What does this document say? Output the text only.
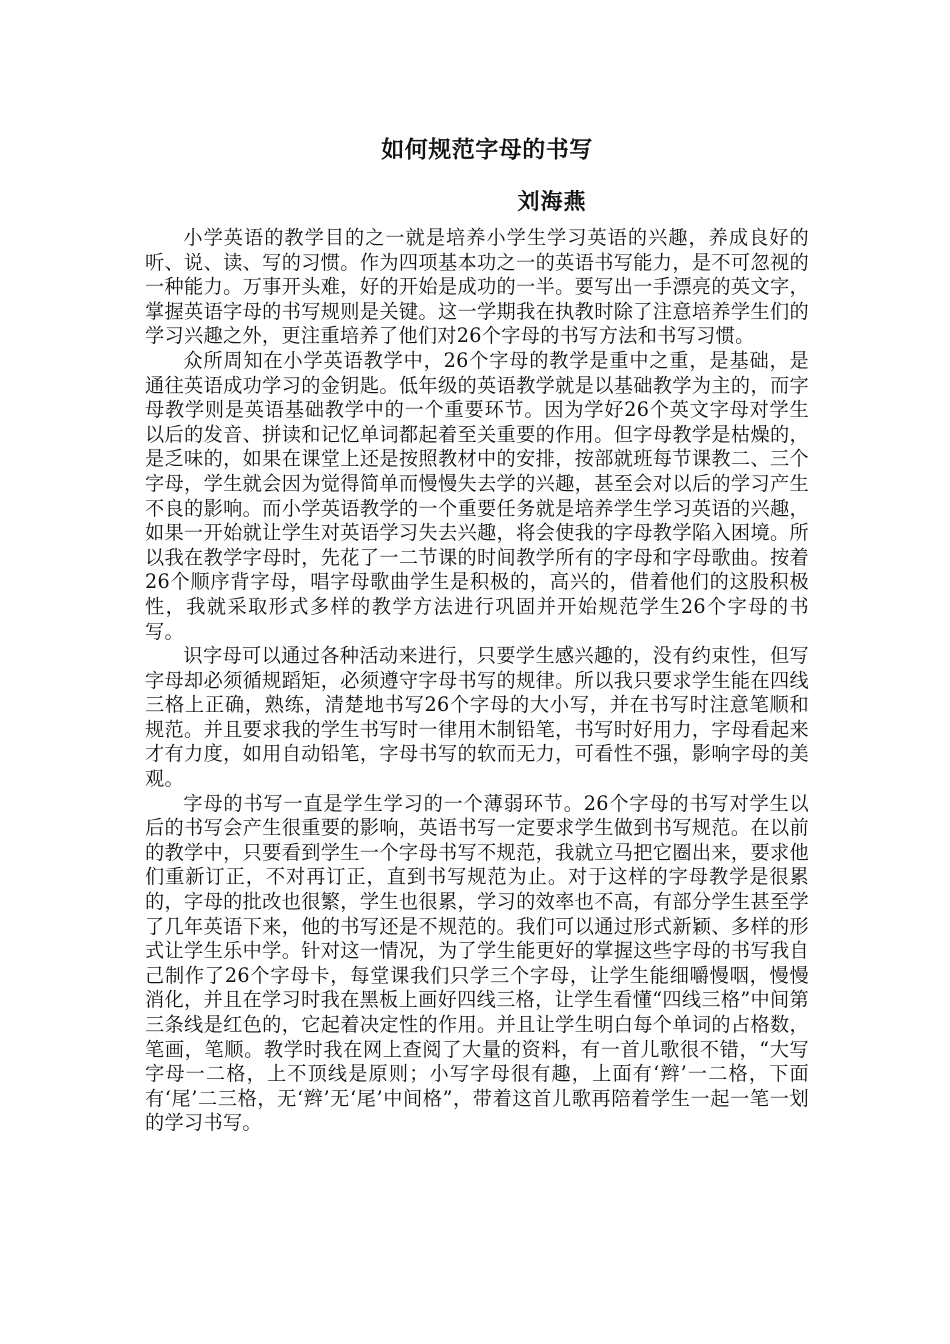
如何规范字母的书写
刘海燕

小学英语的教学目的之一就是培养小学生学习英语的兴趣，养成良好的听、说、读、写的习惯。作为四项基本功之一的英语书写能力，是不可忽视的一种能力。万事开头难，好的开始是成功的一半。要写出一手漂亮的英文字，掌握英语字母的书写规则是关键。这一学期我在执教时除了注意培养学生们的学习兴趣之外，更注重培养了他们对26个字母的书写方法和书写习惯。

众所周知在小学英语教学中，26个字母的教学是重中之重，是基础，是通往英语成功学习的金钥匙。低年级的英语教学就是以基础教学为主的，而字母教学则是英语基础教学中的一个重要环节。因为学好26个英文字母对学生以后的发音、拼读和记忆单词都起着至关重要的作用。但字母教学是枯燥的，是乏味的，如果在课堂上还是按照教材中的安排，按部就班每节课教二、三个字母，学生就会因为觉得简单而慢慢失去学的兴趣，甚至会对以后的学习产生不良的影响。而小学英语教学的一个重要任务就是培养学生学习英语的兴趣，如果一开始就让学生对英语学习失去兴趣，将会使我的字母教学陷入困境。所以我在教学字母时，先花了一二节课的时间教学所有的字母和字母歌曲。按着26个顺序背字母，唱字母歌曲学生是积极的，高兴的，借着他们的这股积极性，我就采取形式多样的教学方法进行巩固并开始规范学生26个字母的书写。

识字母可以通过各种活动来进行，只要学生感兴趣的，没有约束性，但写字母却必须循规蹈矩，必须遵守字母书写的规律。所以我只要求学生能在四线三格上正确，熟练，清楚地书写26个字母的大小写，并在书写时注意笔顺和规范。并且要求我的学生书写时一律用木制铅笔，书写时好用力，字母看起来才有力度，如用自动铅笔，字母书写的软而无力，可看性不强，影响字母的美观。

字母的书写一直是学生学习的一个薄弱环节。26个字母的书写对学生以后的书写会产生很重要的影响，英语书写一定要求学生做到书写规范。在以前的教学中，只要看到学生一个字母书写不规范，我就立马把它圈出来，要求他们重新订正，不对再订正，直到书写规范为止。对于这样的字母教学是很累的，字母的批改也很繁，学生也很累，学习的效率也不高，有部分学生甚至学了几年英语下来，他的书写还是不规范的。我们可以通过形式新颖、多样的形式让学生乐中学。针对这一情况，为了学生能更好的掌握这些字母的书写我自己制作了26个字母卡，每堂课我们只学三个字母，让学生能细嚼慢咽，慢慢消化，并且在学习时我在黑板上画好四线三格，让学生看懂“四线三格”中间第三条线是红色的，它起着决定性的作用。并且让学生明白每个单词的占格数，笔画，笔顺。教学时我在网上查阅了大量的资料，有一首儿歌很不错，“大写字母一二格，上不顶线是原则；小写字母很有趣，上面有‘辫’一二格，下面有‘尾’二三格，无‘辫’无‘尾’中间格”，带着这首儿歌再陪着学生一起一笔一划的学习书写。
